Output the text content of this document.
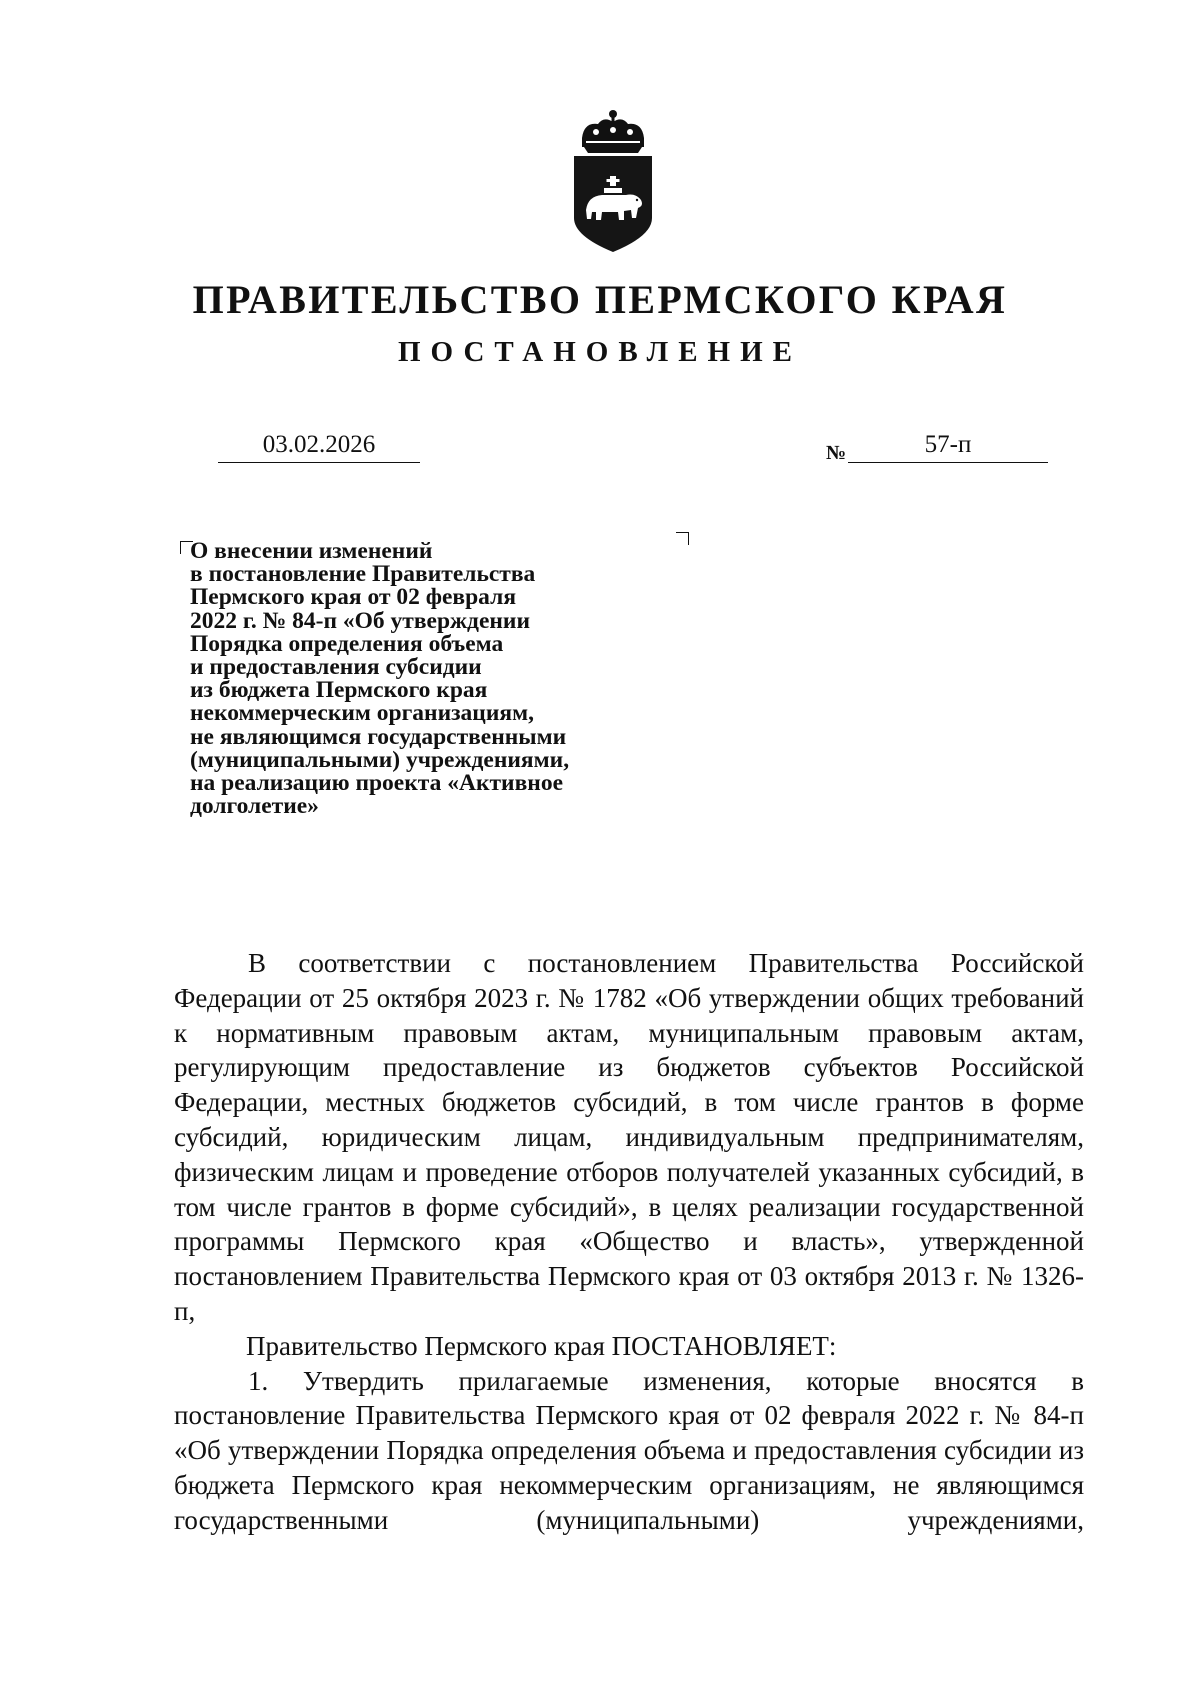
ПРАВИТЕЛЬСТВО ПЕРМСКОГО КРАЯ
ПОСТАНОВЛЕНИЕ
03.02.2026	№	57-п
О внесении изменений
в постановление Правительства
Пермского края от 02 февраля
2022 г. № 84-п «Об утверждении
Порядка определения объема
и предоставления субсидии
из бюджета Пермского края
некоммерческим организациям,
не являющимся государственными
(муниципальными) учреждениями,
на реализацию проекта «Активное
долголетие»

В соответствии с постановлением Правительства Российской Федерации от 25 октября 2023 г. № 1782 «Об утверждении общих требований к нормативным правовым актам, муниципальным правовым актам, регулирующим предоставление из бюджетов субъектов Российской Федерации, местных бюджетов субсидий, в том числе грантов в форме субсидий, юридическим лицам, индивидуальным предпринимателям, физическим лицам и проведение отборов получателей указанных субсидий, в том числе грантов в форме субсидий», в целях реализации государственной программы Пермского края «Общество и власть», утвержденной постановлением Правительства Пермского края от 03 октября 2013 г. № 1326-п,

Правительство Пермского края ПОСТАНОВЛЯЕТ:

1. Утвердить прилагаемые изменения, которые вносятся в постановление Правительства Пермского края от 02 февраля 2022 г. № 84-п «Об утверждении Порядка определения объема и предоставления субсидии из бюджета Пермского края некоммерческим организациям, не являющимся государственными (муниципальными) учреждениями,
